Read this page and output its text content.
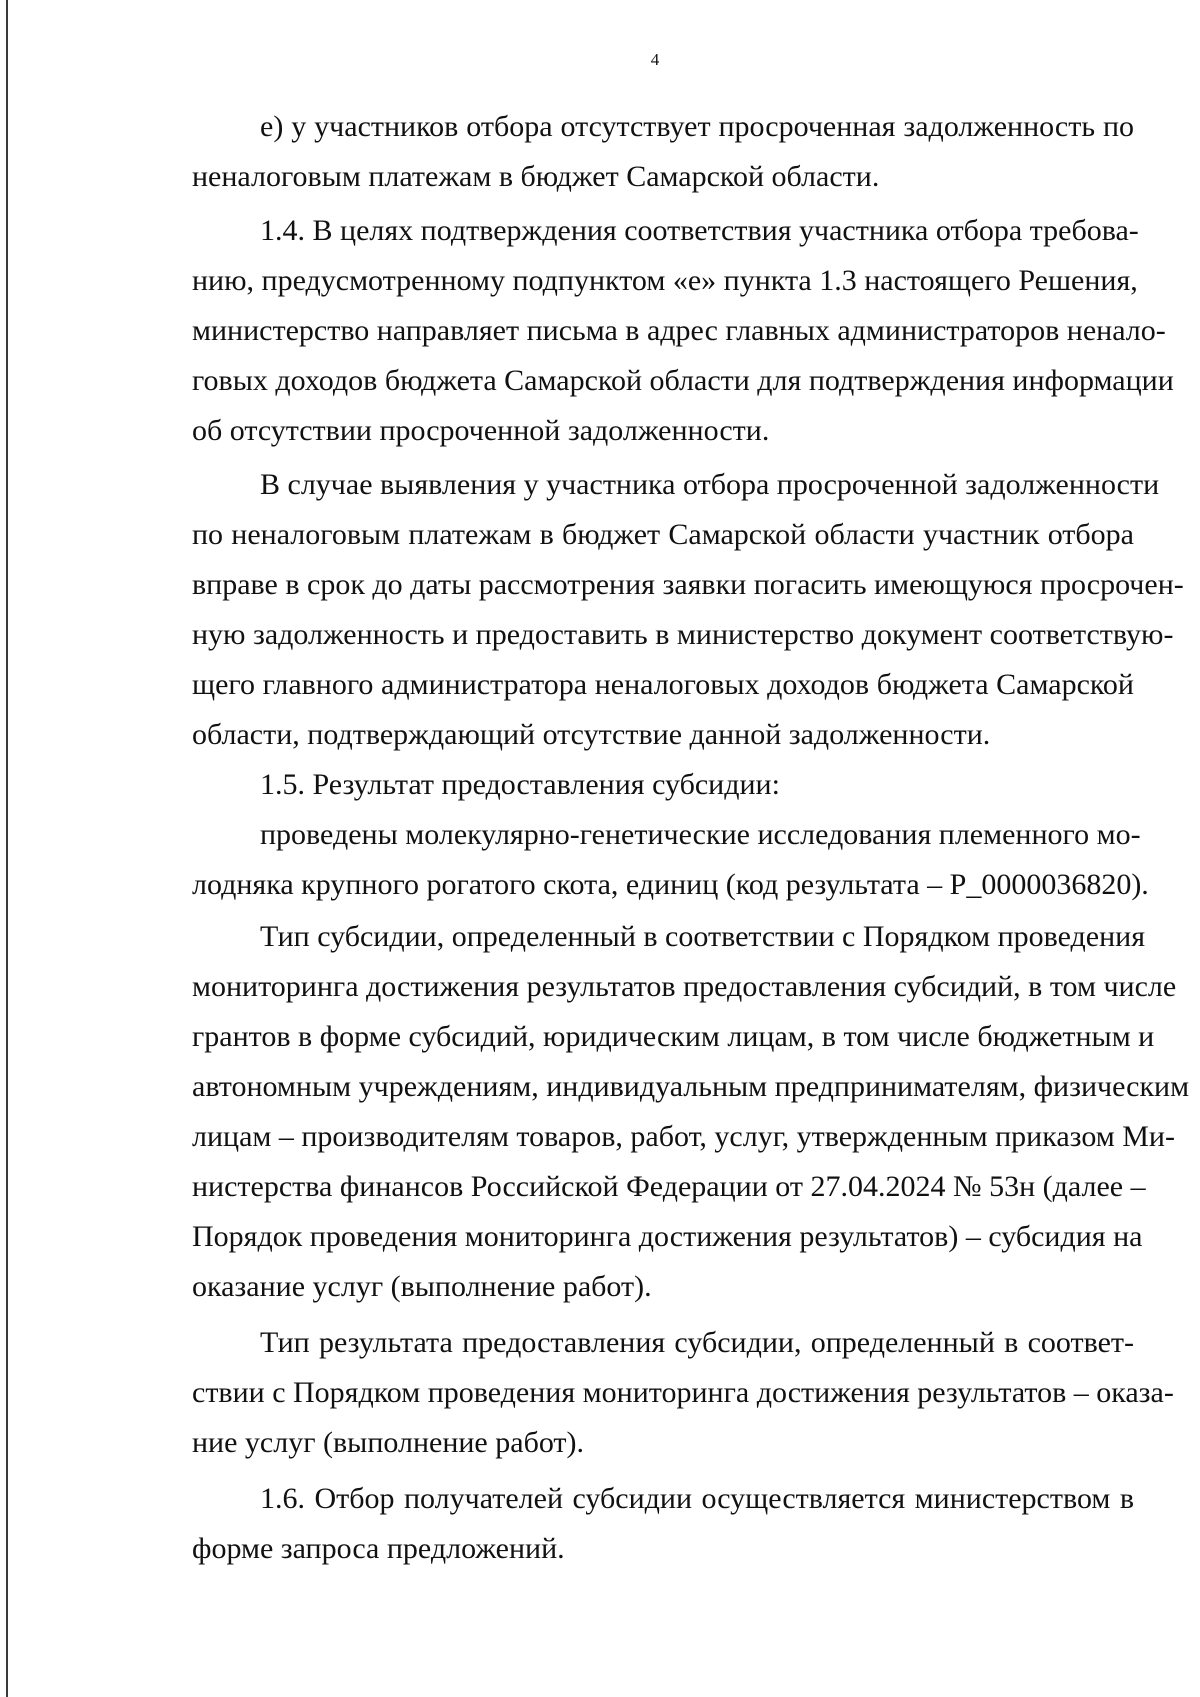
4
е) у участников отбора отсутствует просроченная задолженность по
неналоговым платежам в бюджет Самарской области.
1.4. В целях подтверждения соответствия участника отбора требова-
нию, предусмотренному подпунктом «е» пункта 1.3 настоящего Решения,
министерство направляет письма в адрес главных администраторов ненало-
говых доходов бюджета Самарской области для подтверждения информации
об отсутствии просроченной задолженности.
В случае выявления у участника отбора просроченной задолженности
по неналоговым платежам в бюджет Самарской области участник отбора
вправе в срок до даты рассмотрения заявки погасить имеющуюся просрочен-
ную задолженность и предоставить в министерство документ соответствую-
щего главного администратора неналоговых доходов бюджета Самарской
области, подтверждающий отсутствие данной задолженности.
1.5. Результат предоставления субсидии:
проведены молекулярно-генетические исследования племенного мо-
лодняка крупного рогатого скота, единиц (код результата – Р_0000036820).
Тип субсидии, определенный в соответствии с Порядком проведения
мониторинга достижения результатов предоставления субсидий, в том числе
грантов в форме субсидий, юридическим лицам, в том числе бюджетным и
автономным учреждениям, индивидуальным предпринимателям, физическим
лицам – производителям товаров, работ, услуг, утвержденным приказом Ми-
нистерства финансов Российской Федерации от 27.04.2024 № 53н (далее –
Порядок проведения мониторинга достижения результатов) – субсидия на
оказание услуг (выполнение работ).
Тип результата предоставления субсидии, определенный в соответ-
ствии с Порядком проведения мониторинга достижения результатов – оказа-
ние услуг (выполнение работ).
1.6. Отбор получателей субсидии осуществляется министерством в
форме запроса предложений.
